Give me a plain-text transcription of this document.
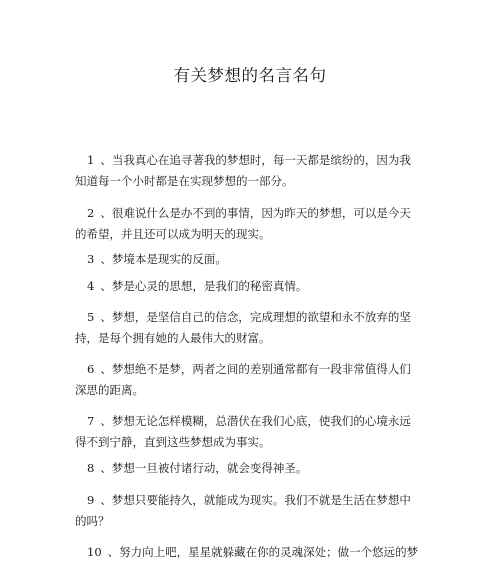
有关梦想的名言名句
1 、当我真心在追寻著我的梦想时，每一天都是缤纷的，因为我
知道每一个小时都是在实现梦想的一部分。
2 、很难说什么是办不到的事情，因为昨天的梦想，可以是今天
的希望，并且还可以成为明天的现实。
3 、梦境本是现实的反面。
4 、梦是心灵的思想，是我们的秘密真情。
5 、梦想，是坚信自己的信念，完成理想的欲望和永不放弃的坚
持，是每个拥有她的人最伟大的财富。
6 、梦想绝不是梦，两者之间的差别通常都有一段非常值得人们
深思的距离。
7 、梦想无论怎样模糊，总潜伏在我们心底，使我们的心境永远
得不到宁静，直到这些梦想成为事实。
8 、梦想一旦被付诸行动，就会变得神圣。
9 、梦想只要能持久，就能成为现实。我们不就是生活在梦想中
的吗？
10 、努力向上吧，星星就躲藏在你的灵魂深处；做一个悠远的梦
